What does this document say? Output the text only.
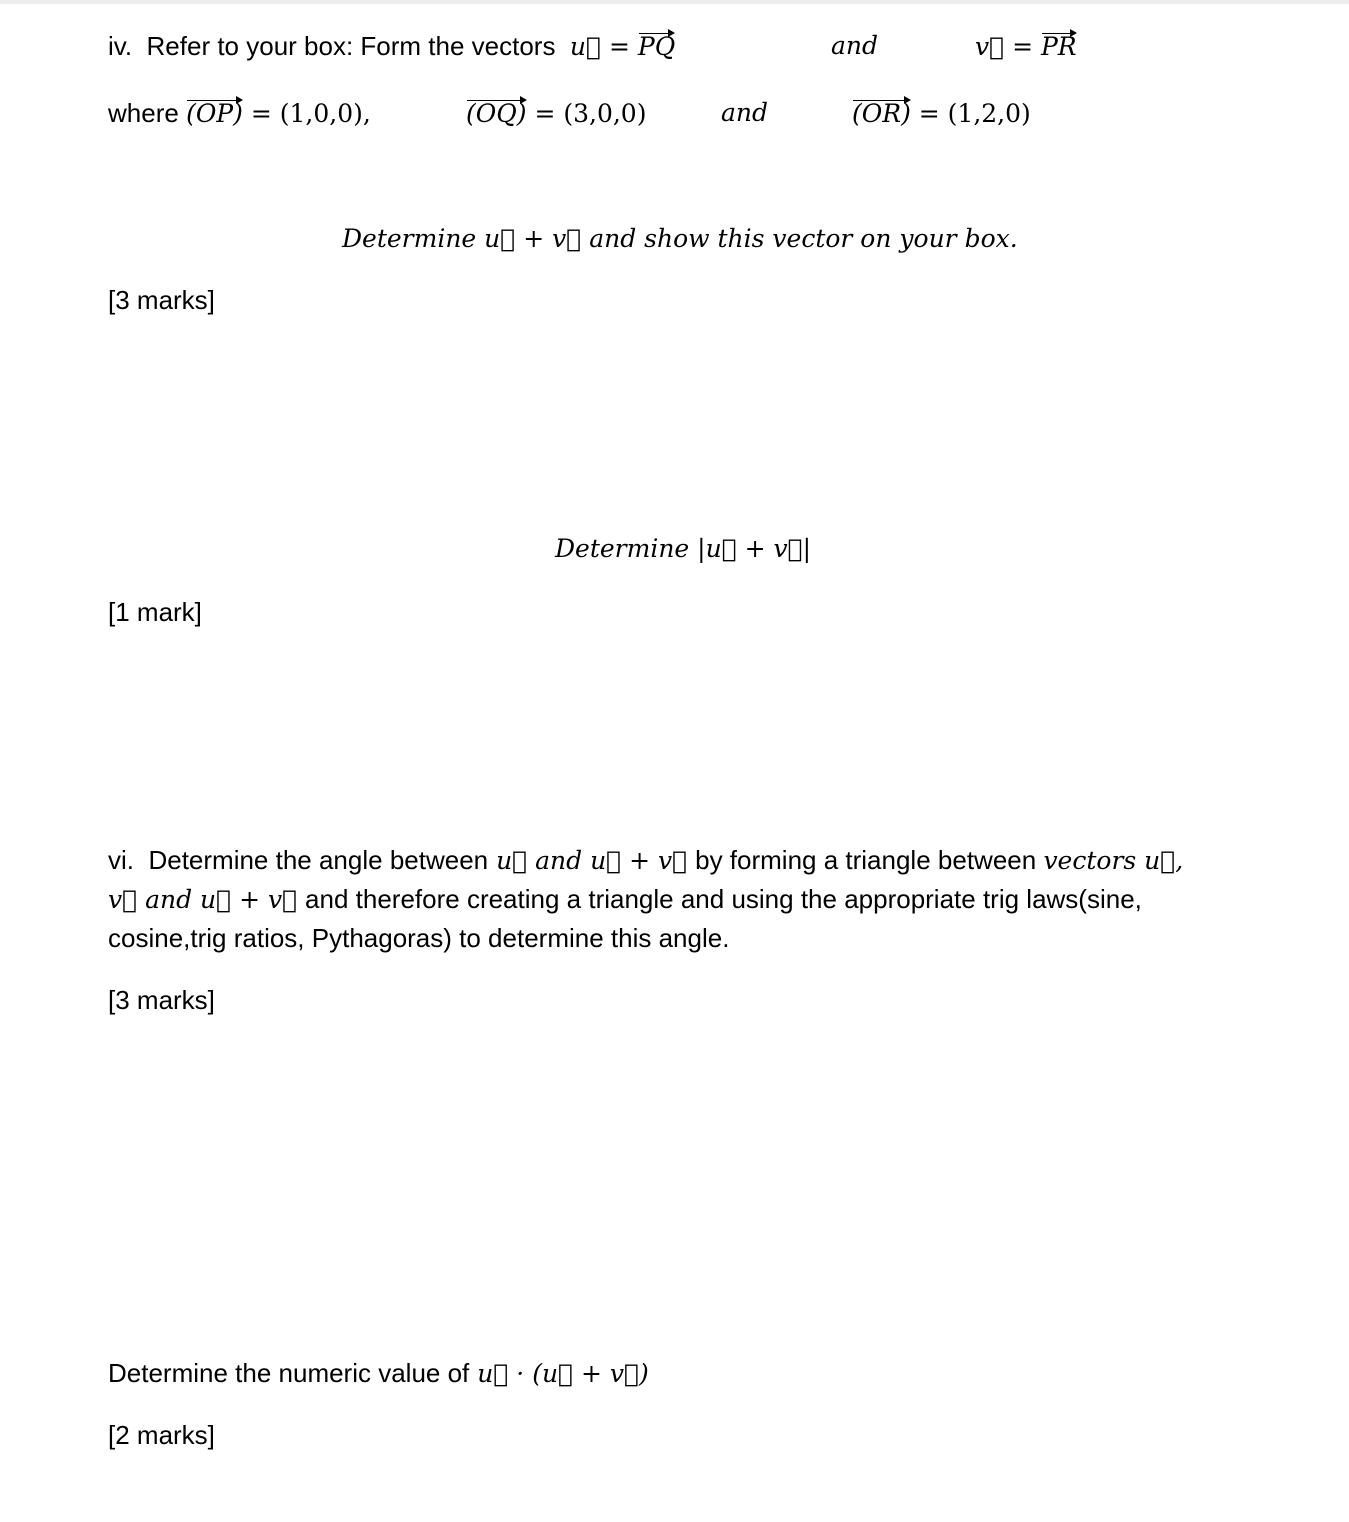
iv. Refer to your box: Form the vectors u⃗ = PQ	and	v⃗ = PR
where (OP) = (1,0,0),	(OQ) = (3,0,0)	and	(OR) = (1,2,0)
Determine u⃗ + v⃗ and show this vector on your box.
[3 marks]
Determine |u⃗ + v⃗|
[1 mark]
vi. Determine the angle between u⃗ and u⃗ + v⃗ by forming a triangle between vectors u⃗, v⃗ and u⃗ + v⃗ and therefore creating a triangle and using the appropriate trig laws(sine, cosine,trig ratios, Pythagoras) to determine this angle.
[3 marks]
Determine the numeric value of u⃗ · (u⃗ + v⃗)
[2 marks]
